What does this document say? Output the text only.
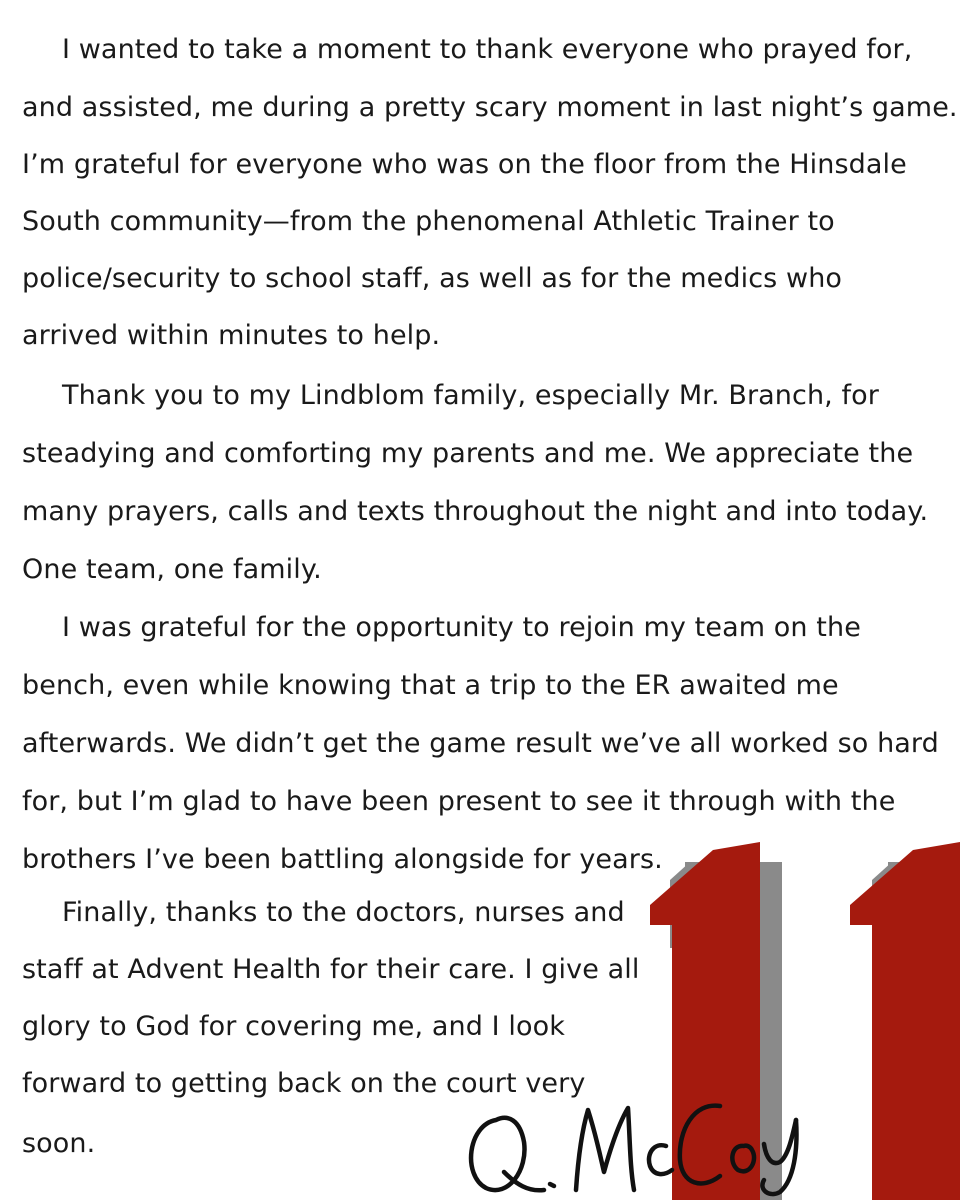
I wanted to take a moment to thank everyone who prayed for,
and assisted, me during a pretty scary moment in last night’s game.
I’m grateful for everyone who was on the floor from the Hinsdale
South community—from the phenomenal Athletic Trainer to
police/security to school staff, as well as for the medics who
arrived within minutes to help.
Thank you to my Lindblom family, especially Mr. Branch, for
steadying and comforting my parents and me. We appreciate the
many prayers, calls and texts throughout the night and into today.
One team, one family.
I was grateful for the opportunity to rejoin my team on the
bench, even while knowing that a trip to the ER awaited me
afterwards. We didn’t get the game result we’ve all worked so hard
for, but I’m glad to have been present to see it through with the
brothers I’ve been battling alongside for years.
Finally, thanks to the doctors, nurses and
staff at Advent Health for their care. I give all
glory to God for covering me, and I look
forward to getting back on the court very
soon.
